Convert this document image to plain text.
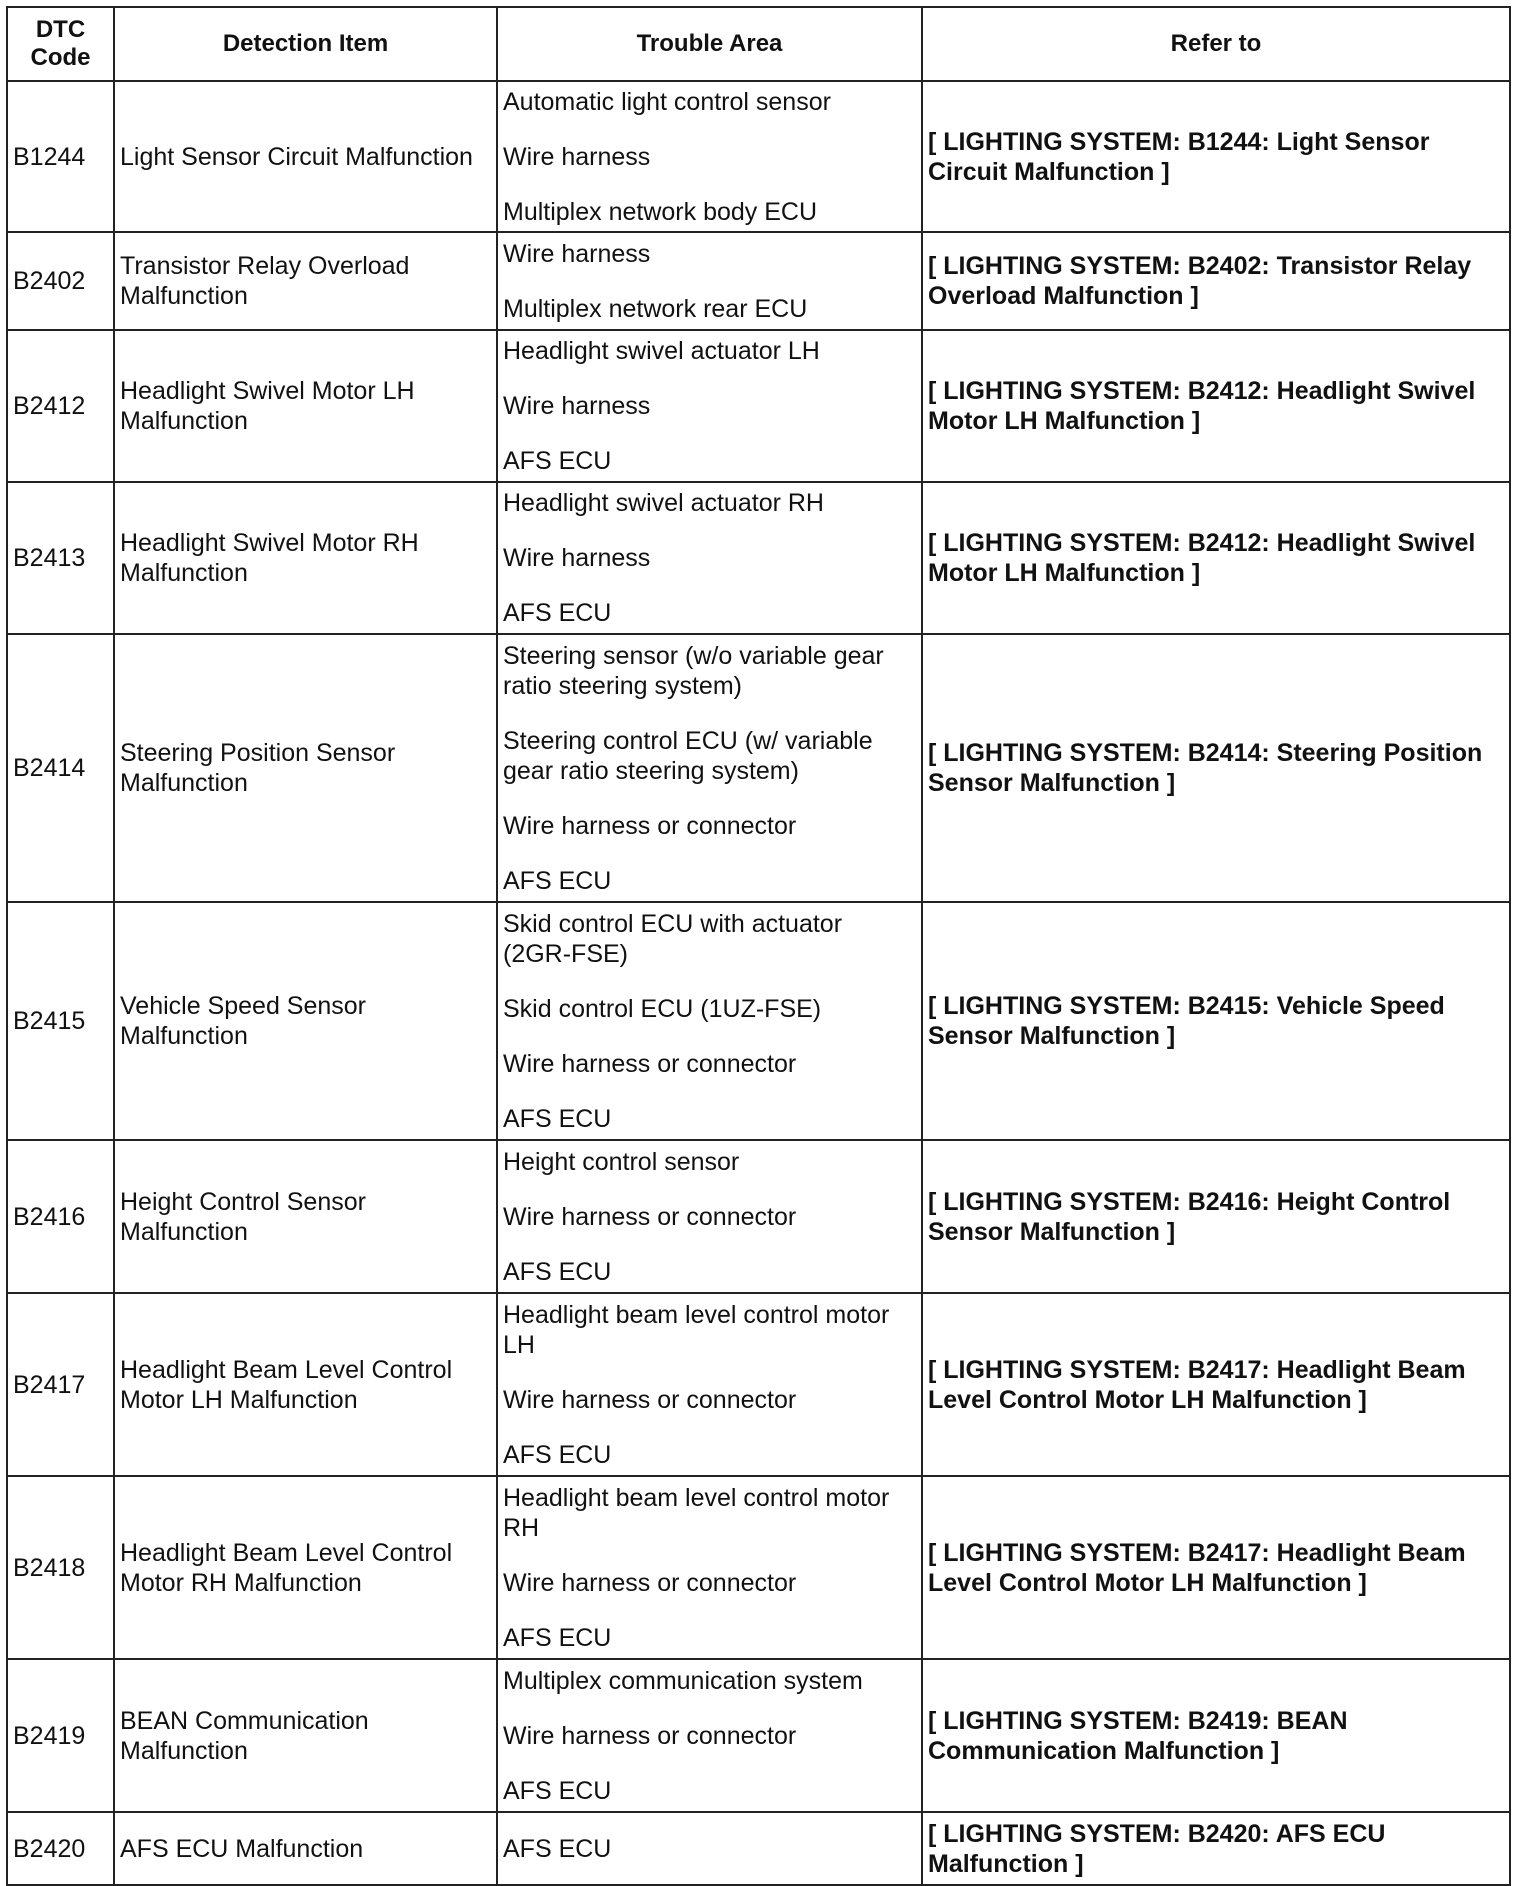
DTC
Code	Detection Item	Trouble Area	Refer to
B1244	Light Sensor Circuit Malfunction	Automatic light control sensor
Wire harness
Multiplex network body ECU	[ LIGHTING SYSTEM: B1244: Light Sensor Circuit Malfunction ]
B2402	Transistor Relay Overload Malfunction	Wire harness
Multiplex network rear ECU	[ LIGHTING SYSTEM: B2402: Transistor Relay Overload Malfunction ]
B2412	Headlight Swivel Motor LH Malfunction	Headlight swivel actuator LH
Wire harness
AFS ECU	[ LIGHTING SYSTEM: B2412: Headlight Swivel Motor LH Malfunction ]
B2413	Headlight Swivel Motor RH Malfunction	Headlight swivel actuator RH
Wire harness
AFS ECU	[ LIGHTING SYSTEM: B2412: Headlight Swivel Motor LH Malfunction ]
B2414	Steering Position Sensor Malfunction	Steering sensor (w/o variable gear ratio steering system)
Steering control ECU (w/ variable gear ratio steering system)
Wire harness or connector
AFS ECU	[ LIGHTING SYSTEM: B2414: Steering Position Sensor Malfunction ]
B2415	Vehicle Speed Sensor Malfunction	Skid control ECU with actuator (2GR-FSE)
Skid control ECU (1UZ-FSE)
Wire harness or connector
AFS ECU	[ LIGHTING SYSTEM: B2415: Vehicle Speed Sensor Malfunction ]
B2416	Height Control Sensor Malfunction	Height control sensor
Wire harness or connector
AFS ECU	[ LIGHTING SYSTEM: B2416: Height Control Sensor Malfunction ]
B2417	Headlight Beam Level Control Motor LH Malfunction	Headlight beam level control motor LH
Wire harness or connector
AFS ECU	[ LIGHTING SYSTEM: B2417: Headlight Beam Level Control Motor LH Malfunction ]
B2418	Headlight Beam Level Control Motor RH Malfunction	Headlight beam level control motor RH
Wire harness or connector
AFS ECU	[ LIGHTING SYSTEM: B2417: Headlight Beam Level Control Motor LH Malfunction ]
B2419	BEAN Communication Malfunction	Multiplex communication system
Wire harness or connector
AFS ECU	[ LIGHTING SYSTEM: B2419: BEAN Communication Malfunction ]
B2420	AFS ECU Malfunction	AFS ECU	[ LIGHTING SYSTEM: B2420: AFS ECU Malfunction ]
